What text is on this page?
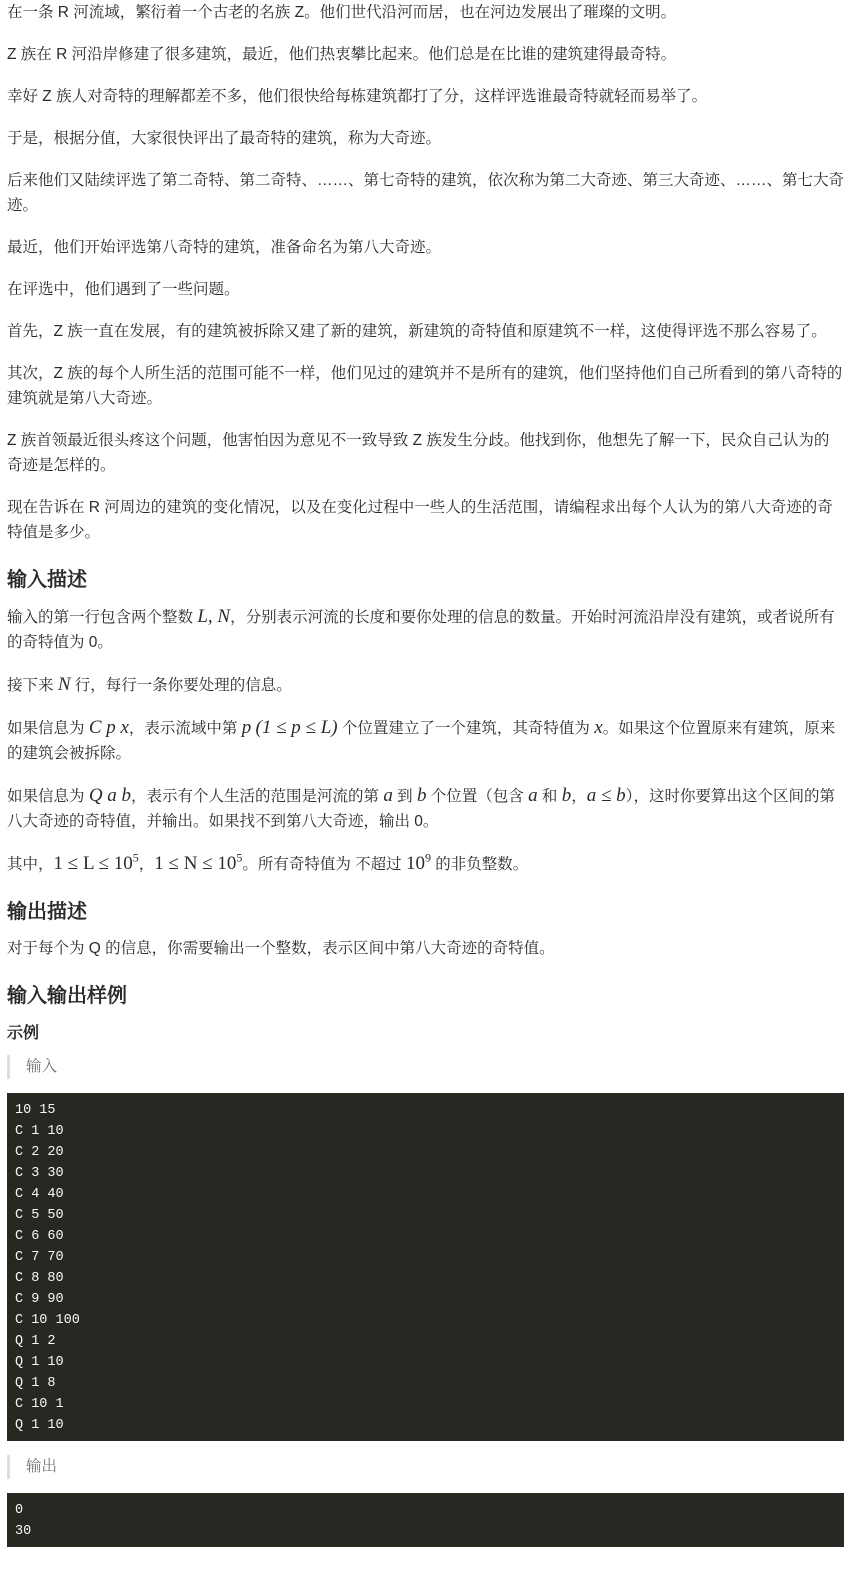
在一条 R 河流域，繁衍着一个古老的名族 Z。他们世代沿河而居，也在河边发展出了璀璨的文明。

Z 族在 R 河沿岸修建了很多建筑，最近，他们热衷攀比起来。他们总是在比谁的建筑建得最奇特。

幸好 Z 族人对奇特的理解都差不多，他们很快给每栋建筑都打了分，这样评选谁最奇特就轻而易举了。

于是，根据分值，大家很快评出了最奇特的建筑，称为大奇迹。

后来他们又陆续评选了第二奇特、第二奇特、……、第七奇特的建筑，依次称为第二大奇迹、第三大奇迹、……、第七大奇迹。

最近，他们开始评选第八奇特的建筑，准备命名为第八大奇迹。

在评选中，他们遇到了一些问题。

首先，Z 族一直在发展，有的建筑被拆除又建了新的建筑，新建筑的奇特值和原建筑不一样，这使得评选不那么容易了。

其次，Z 族的每个人所生活的范围可能不一样，他们见过的建筑并不是所有的建筑，他们坚持他们自己所看到的第八奇特的建筑就是第八大奇迹。

Z 族首领最近很头疼这个问题，他害怕因为意见不一致导致 Z 族发生分歧。他找到你，他想先了解一下，民众自己认为的奇迹是怎样的。

现在告诉在 R 河周边的建筑的变化情况，以及在变化过程中一些人的生活范围，请编程求出每个人认为的第八大奇迹的奇特值是多少。

输入描述

输入的第一行包含两个整数 L, N，分别表示河流的长度和要你处理的信息的数量。开始时河流沿岸没有建筑，或者说所有的奇特值为 0。

接下来 N 行，每行一条你要处理的信息。

如果信息为 C p x，表示流域中第 p (1 ≤ p ≤ L) 个位置建立了一个建筑，其奇特值为 x。如果这个位置原来有建筑，原来的建筑会被拆除。

如果信息为 Q a b，表示有个人生活的范围是河流的第 a 到 b 个位置（包含 a 和 b，a ≤ b），这时你要算出这个区间的第八大奇迹的奇特值，并输出。如果找不到第八大奇迹，输出 0。

其中，$1 \le L \le 10^5$，$1 \le N \le 10^5$。所有奇特值为 不超过 $10^9$ 的非负整数。

输出描述

对于每个为 Q 的信息，你需要输出一个整数，表示区间中第八大奇迹的奇特值。

输入输出样例
示例
输入
10 15
C 1 10
C 2 20
C 3 30
C 4 40
C 5 50
C 6 60
C 7 70
C 8 80
C 9 90
C 10 100
Q 1 2
Q 1 10
Q 1 8
C 10 1
Q 1 10
输出
0
30
